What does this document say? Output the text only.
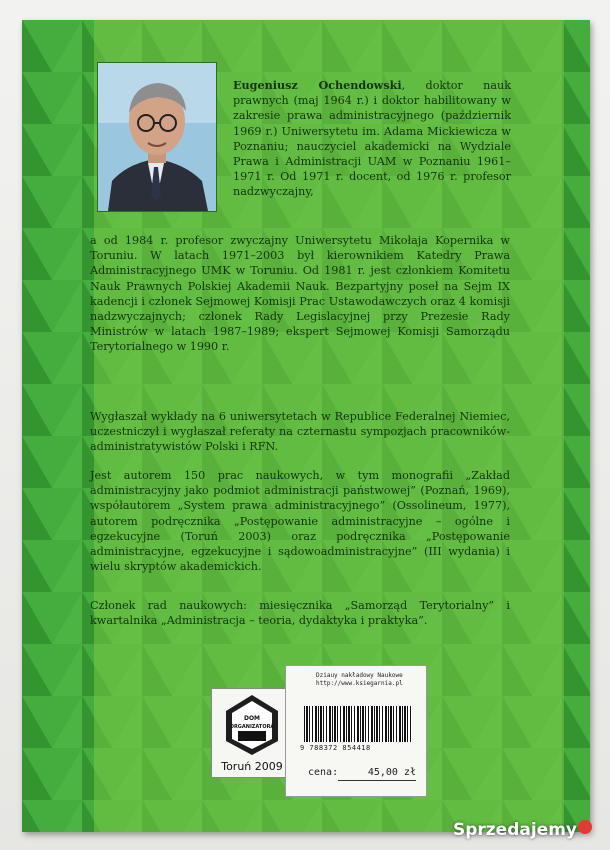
Eugeniusz Ochendowski, doktor nauk prawnych (maj 1964 r.) i doktor habilitowany w zakresie prawa administracyjnego (październik 1969 r.) Uniwersytetu im. Adama Mickiewicza w Poznaniu; nauczyciel akademicki na Wydziale Prawa i Administracji UAM w Poznaniu 1961–1971 r. Od 1971 r. docent, od 1976 r. profesor nadzwyczajny,

a od 1984 r. profesor zwyczajny Uniwersytetu Mikołaja Kopernika w Toruniu. W latach 1971–2003 był kierownikiem Katedry Prawa Administracyjnego UMK w Toruniu. Od 1981 r. jest członkiem Komitetu Nauk Prawnych Polskiej Akademii Nauk. Bezpartyjny poseł na Sejm IX kadencji i członek Sejmowej Komisji Prac Ustawodawczych oraz 4 komisji nadzwyczajnych; członek Rady Legislacyjnej przy Prezesie Rady Ministrów w latach 1987–1989; ekspert Sejmowej Komisji Samorządu Terytorialnego w 1990 r.

Wygłaszał wykłady na 6 uniwersytetach w Republice Federalnej Niemiec, uczestniczył i wygłaszał referaty na czternastu sympozjach pracowników-administratywistów Polski i RFN.

Jest autorem 150 prac naukowych, w tym monografii „Zakład administracyjny jako podmiot administracji państwowej” (Poznań, 1969), współautorem „System prawa administracyjnego” (Ossolineum, 1977), autorem podręcznika „Postępowanie administracyjne – ogólne i egzekucyjne (Toruń 2003) oraz podręcznika „Postępowanie administracyjne, egzekucyjne i sądowoadministracyjne” (III wydania) i wielu skryptów akademickich.

Członek rad naukowych: miesięcznika „Samorząd Terytorialny” i kwartalnika „Administracja – teoria, dydaktyka i praktyka”.

DOM
ORGANIZATORA
Toruń 2009
Dziauy nakładowy Naukowe
http://www.ksiegarnia.pl
9 788372 854418
cena:	45,00 zł
Sprzedajemy
